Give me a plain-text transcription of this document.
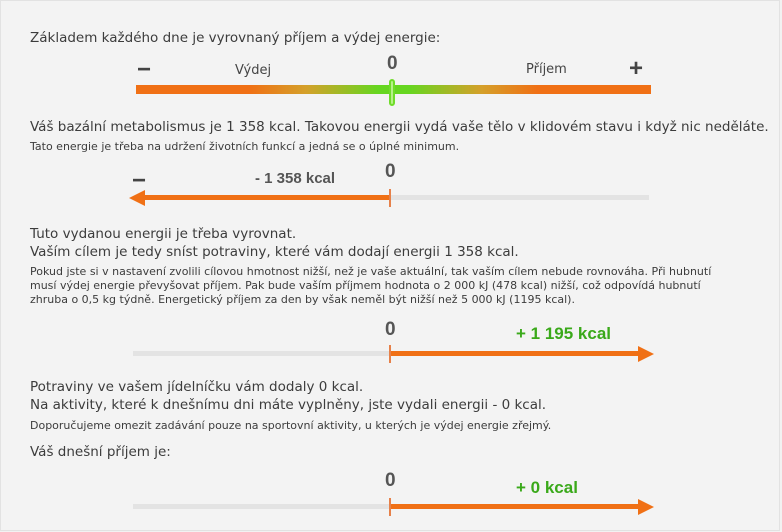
Základem každého dne je vyrovnaný příjem a výdej energie:
−	Výdej	0	Příjem	+
Váš bazální metabolismus je 1 358 kcal. Takovou energii vydá vaše tělo v klidovém stavu i když nic neděláte.
Tato energie je třeba na udržení životních funkcí a jedná se o úplné minimum.
−	- 1 358 kcal	0
Tuto vydanou energii je třeba vyrovnat.
Vaším cílem je tedy sníst potraviny, které vám dodají energii 1 358 kcal.
Pokud jste si v nastavení zvolili cílovou hmotnost nižší, než je vaše aktuální, tak vaším cílem nebude rovnováha. Při hubnutí musí výdej energie převyšovat příjem. Pak bude vaším příjmem hodnota o 2 000 kJ (478 kcal) nižší, což odpovídá hubnutí zhruba o 0,5 kg týdně. Energetický příjem za den by však neměl být nižší než 5 000 kJ (1195 kcal).
0	+ 1 195 kcal
Potraviny ve vašem jídelníčku vám dodaly 0 kcal.
Na aktivity, které k dnešnímu dni máte vyplněny, jste vydali energii - 0 kcal.
Doporučujeme omezit zadávání pouze na sportovní aktivity, u kterých je výdej energie zřejmý.
Váš dnešní příjem je:
0	+ 0 kcal
